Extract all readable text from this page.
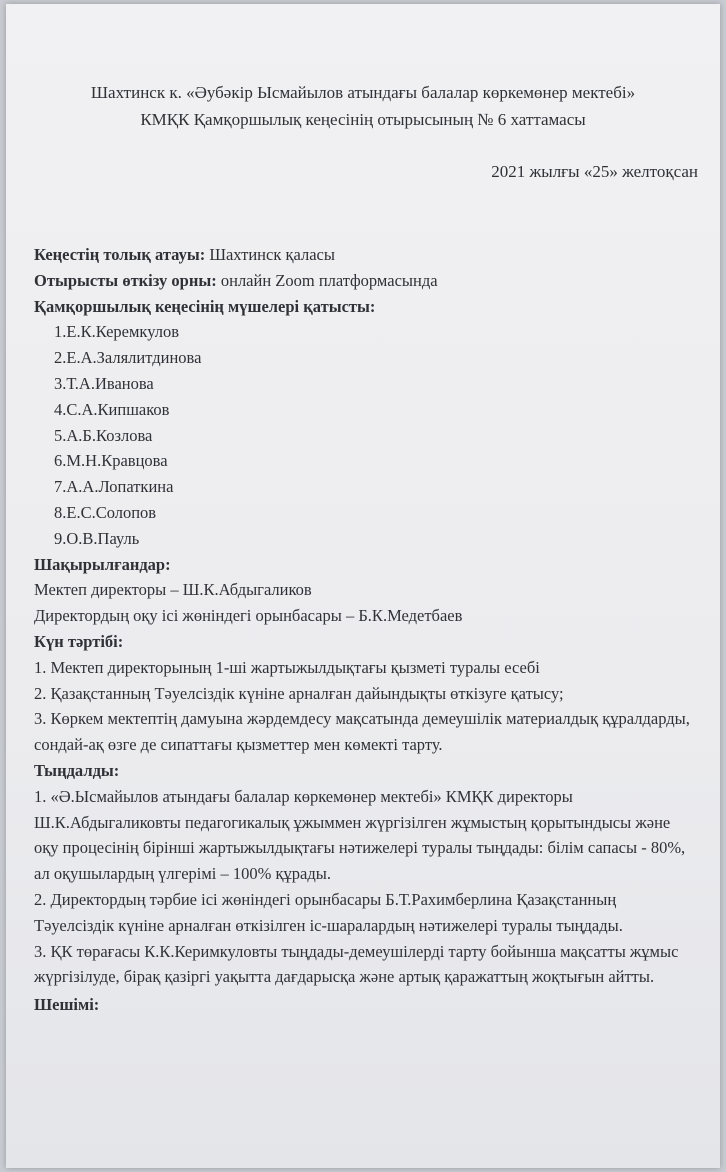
Шахтинск к. «Әубәкір Ысмайылов атындағы балалар көркемөнер мектебі»
КМҚК Қамқоршылық кеңесінің отырысының № 6 хаттамасы
2021 жылғы «25» желтоқсан
Кеңестің толық атауы: Шахтинск қаласы
Отырысты өткізу орны: онлайн Zoom платформасында
Қамқоршылық кеңесінің мүшелері қатысты:
1.Е.К.Керемкулов
2.Е.А.Залялитдинова
3.Т.А.Иванова
4.С.А.Кипшаков
5.А.Б.Козлова
6.М.Н.Кравцова
7.А.А.Лопаткина
8.Е.С.Солопов
9.О.В.Пауль
Шақырылғандар:
Мектеп директоры – Ш.К.Абдыгаликов
Директордың оқу ісі жөніндегі орынбасары – Б.К.Медетбаев
Күн тәртібі:
1. Мектеп директорының 1-ші жартыжылдықтағы қызметі туралы есебі
2. Қазақстанның Тәуелсіздік күніне арналған дайындықты өткізуге қатысу;
3. Көркем мектептің дамуына жәрдемдесу мақсатында демеушілік материалдық құралдарды, сондай-ақ өзге де сипаттағы қызметтер мен көмекті тарту.
Тыңдалды:
1. «Ә.Ысмайылов атындағы балалар көркемөнер мектебі» КМҚК директоры Ш.К.Абдыгаликовты педагогикалық ұжыммен жүргізілген жұмыстың қорытындысы және оқу процесінің бірінші жартыжылдықтағы нәтижелері туралы тыңдады: білім сапасы - 80%, ал оқушылардың үлгерімі – 100% құрады.
2. Директордың тәрбие ісі жөніндегі орынбасары Б.Т.Рахимберлина Қазақстанның Тәуелсіздік күніне арналған өткізілген іс-шаралардың нәтижелері туралы тыңдады.
3. ҚК төрағасы К.К.Керимкуловты тыңдады-демеушілерді тарту бойынша мақсатты жұмыс жүргізілуде, бірақ қазіргі уақытта дағдарысқа және артық қаражаттың жоқтығын айтты.
Шешімі:
